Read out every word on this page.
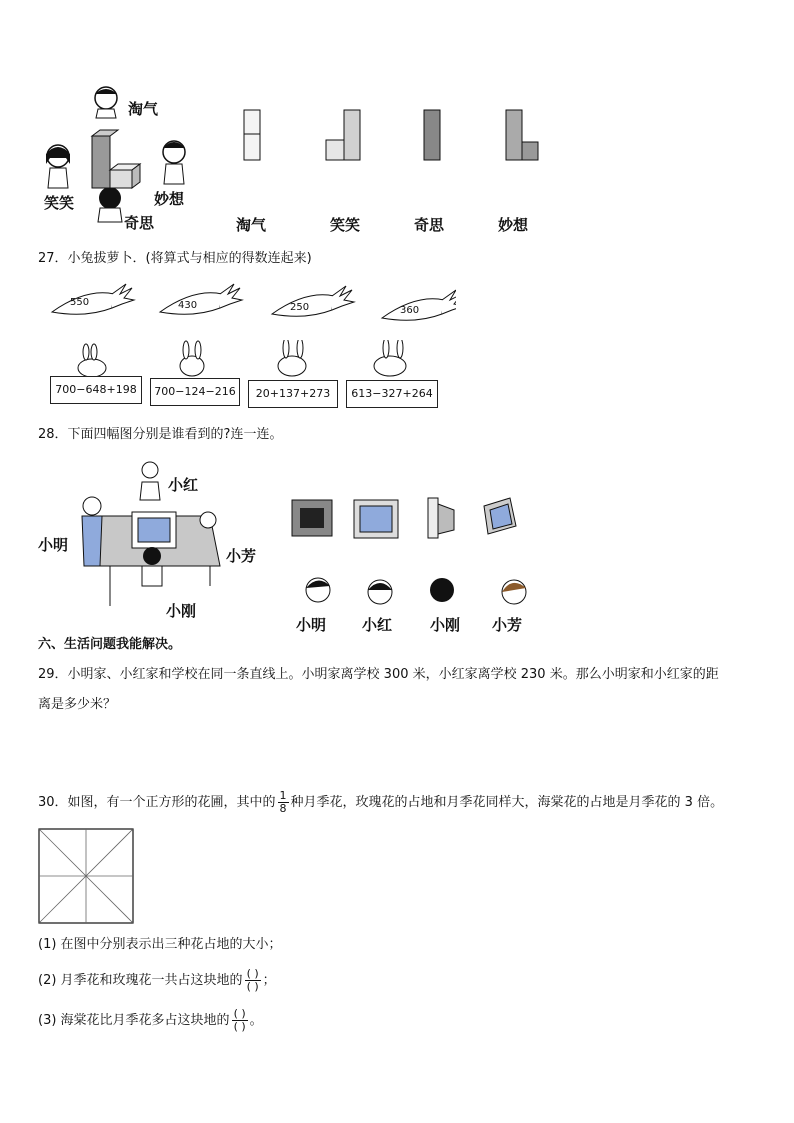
淘气
笑笑	妙想
奇思	淘气	笑笑	奇思	妙想
27．小兔拔萝卜．(将算式与相应的得数连起来)
550	430	250	360
700−648+198	700−124−216	20+137+273	613−327+264
28．下面四幅图分别是谁看到的?连一连。
小红
小明
小芳
小刚
小明 小红	小刚 小芳
六、生活问题我能解决。
29．小明家、小红家和学校在同一条直线上。小明家离学校 300 米，小红家离学校 230 米。那么小明家和小红家的距
离是多少米？
30．如图，有一个正方形的花圃，其中的 $\frac{1}{8}$ 种月季花，玫瑰花的占地和月季花同样大，海棠花的占地是月季花的 3 倍。
(1) 在图中分别表示出三种花占地的大小；
(2) 月季花和玫瑰花一共占这块地的 $\frac{( )}{( )}$ ；
(3) 海棠花比月季花多占这块地的 $\frac{( )}{( )}$ 。
